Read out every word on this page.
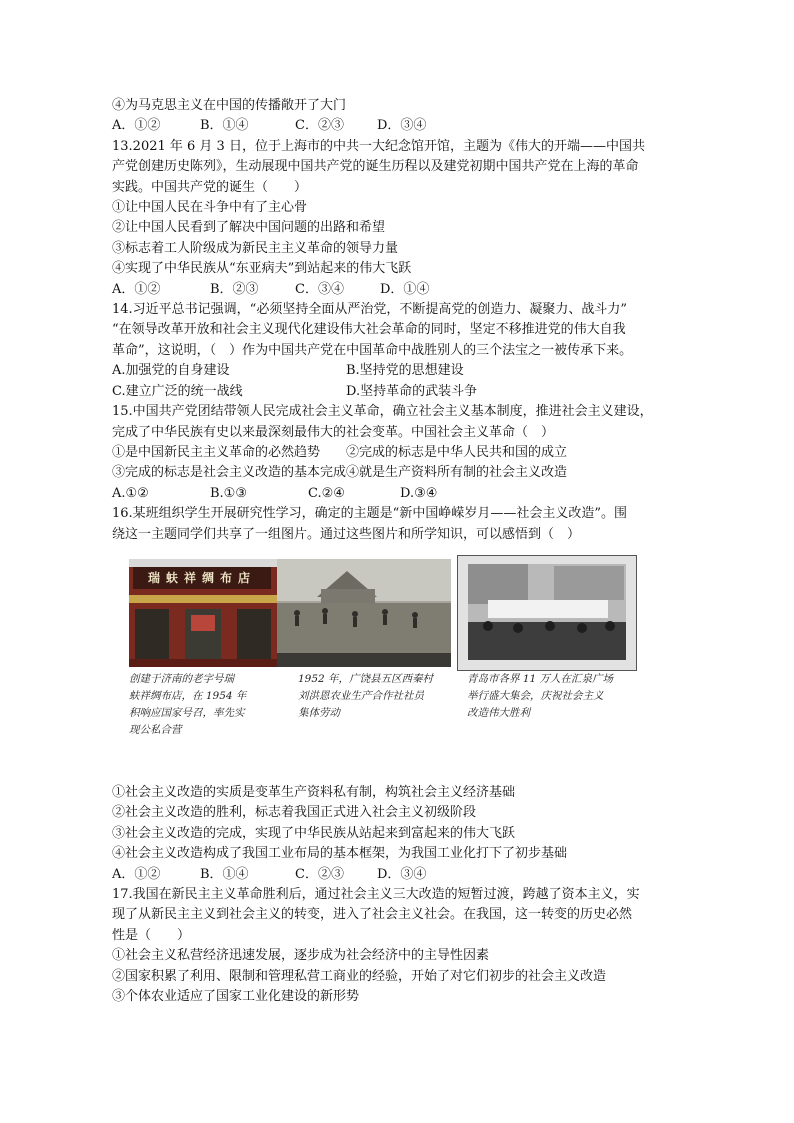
④为马克思主义在中国的传播敞开了大门
A．①②	B．①④	C．②③	D．③④
13.2021 年 6 月 3 日，位于上海市的中共一大纪念馆开馆，主题为《伟大的开端——中国共
产党创建历史陈列》，生动展现中国共产党的诞生历程以及建党初期中国共产党在上海的革命
实践。中国共产党的诞生（　　）
①让中国人民在斗争中有了主心骨
②让中国人民看到了解决中国问题的出路和希望
③标志着工人阶级成为新民主主义革命的领导力量
④实现了中华民族从“东亚病夫”到站起来的伟大飞跃
A．①②	B．②③	C．③④	D．①④
14.习近平总书记强调，“必须坚持全面从严治党，不断提高党的创造力、凝聚力、战斗力”
“在领导改革开放和社会主义现代化建设伟大社会革命的同时，坚定不移推进党的伟大自我
革命”，这说明，（　）作为中国共产党在中国革命中战胜别人的三个法宝之一被传承下来。
A.加强党的自身建设	B.坚持党的思想建设
C.建立广泛的统一战线	D.坚持革命的武装斗争
15.中国共产党团结带领人民完成社会主义革命，确立社会主义基本制度，推进社会主义建设，
完成了中华民族有史以来最深刻最伟大的社会变革。中国社会主义革命（　）
①是中国新民主主义革命的必然趋势	②完成的标志是中华人民共和国的成立
③完成的标志是社会主义改造的基本完成 ④就是生产资料所有制的社会主义改造
A.①②	B.①③	C.②④	D.③④
16.某班组织学生开展研究性学习，确定的主题是“新中国峥嵘岁月——社会主义改造”。围
绕这一主题同学们共享了一组图片。通过这些图片和所学知识，可以感悟到（　）
瑞蚨祥绸布店
创建于济南的老字号瑞
蚨祥绸布店，在 1954 年
积响应国家号召，率先实
现公私合营
1952 年，广饶县五区西秦村
刘洪恩农业生产合作社社员
集体劳动
青岛市各界 11 万人在汇泉广场
举行盛大集会，庆祝社会主义
改造伟大胜利
①社会主义改造的实质是变革生产资料私有制，构筑社会主义经济基础
②社会主义改造的胜利，标志着我国正式进入社会主义初级阶段
③社会主义改造的完成，实现了中华民族从站起来到富起来的伟大飞跃
④社会主义改造构成了我国工业布局的基本框架，为我国工业化打下了初步基础
A．①②	B．①④	C．②③	D．③④
17.我国在新民主主义革命胜利后，通过社会主义三大改造的短暂过渡，跨越了资本主义，实
现了从新民主主义到社会主义的转变，进入了社会主义社会。在我国，这一转变的历史必然
性是（　　）
①社会主义私营经济迅速发展，逐步成为社会经济中的主导性因素
②国家积累了利用、限制和管理私营工商业的经验，开始了对它们初步的社会主义改造
③个体农业适应了国家工业化建设的新形势
